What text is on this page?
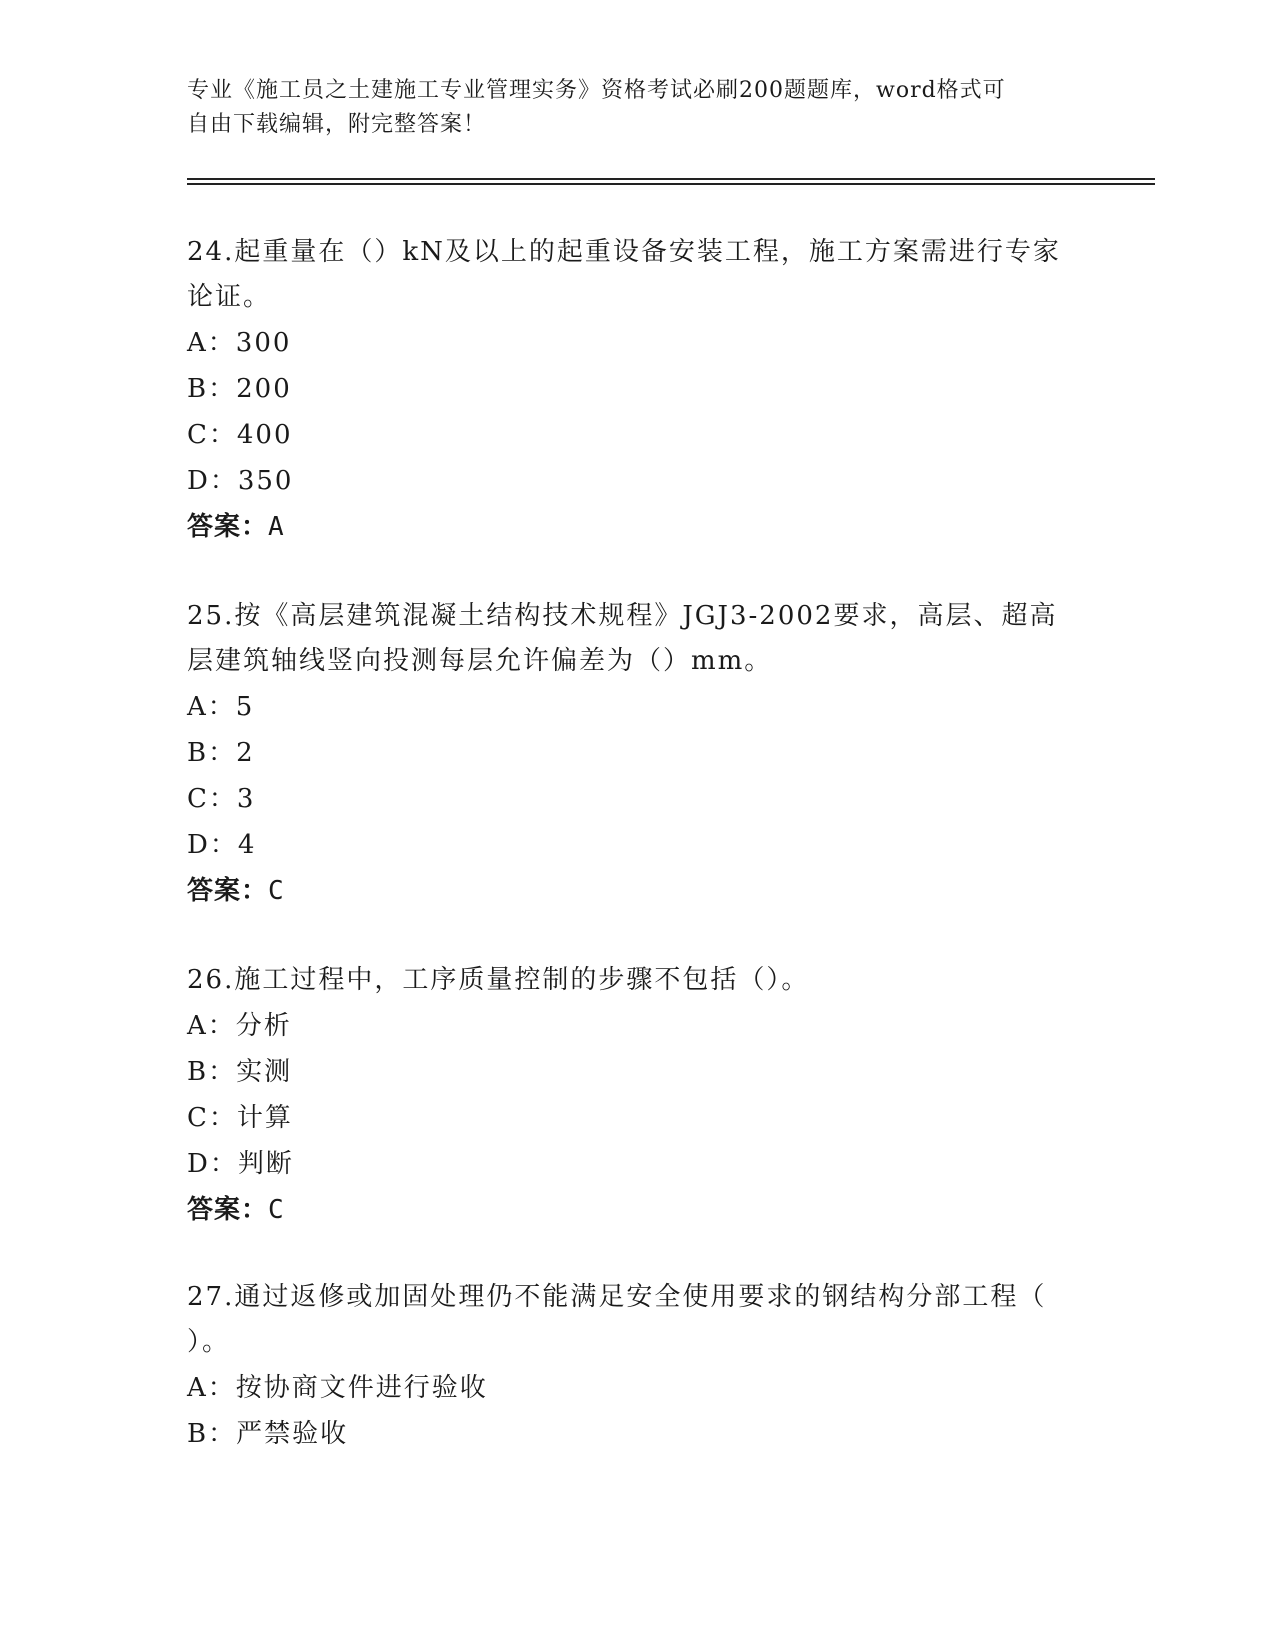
专业《施工员之土建施工专业管理实务》资格考试必刷200题题库，word格式可
自由下载编辑，附完整答案！
24.起重量在（）kN及以上的起重设备安装工程，施工方案需进行专家
论证。
A：300
B：200
C：400
D：350
答案：A
25.按《高层建筑混凝土结构技术规程》JGJ3-2002要求，高层、超高
层建筑轴线竖向投测每层允许偏差为（）mm。
A：5
B：2
C：3
D：4
答案：C
26.施工过程中，工序质量控制的步骤不包括（）。
A：分析
B：实测
C：计算
D：判断
答案：C
27.通过返修或加固处理仍不能满足安全使用要求的钢结构分部工程（
）。
A：按协商文件进行验收
B：严禁验收
